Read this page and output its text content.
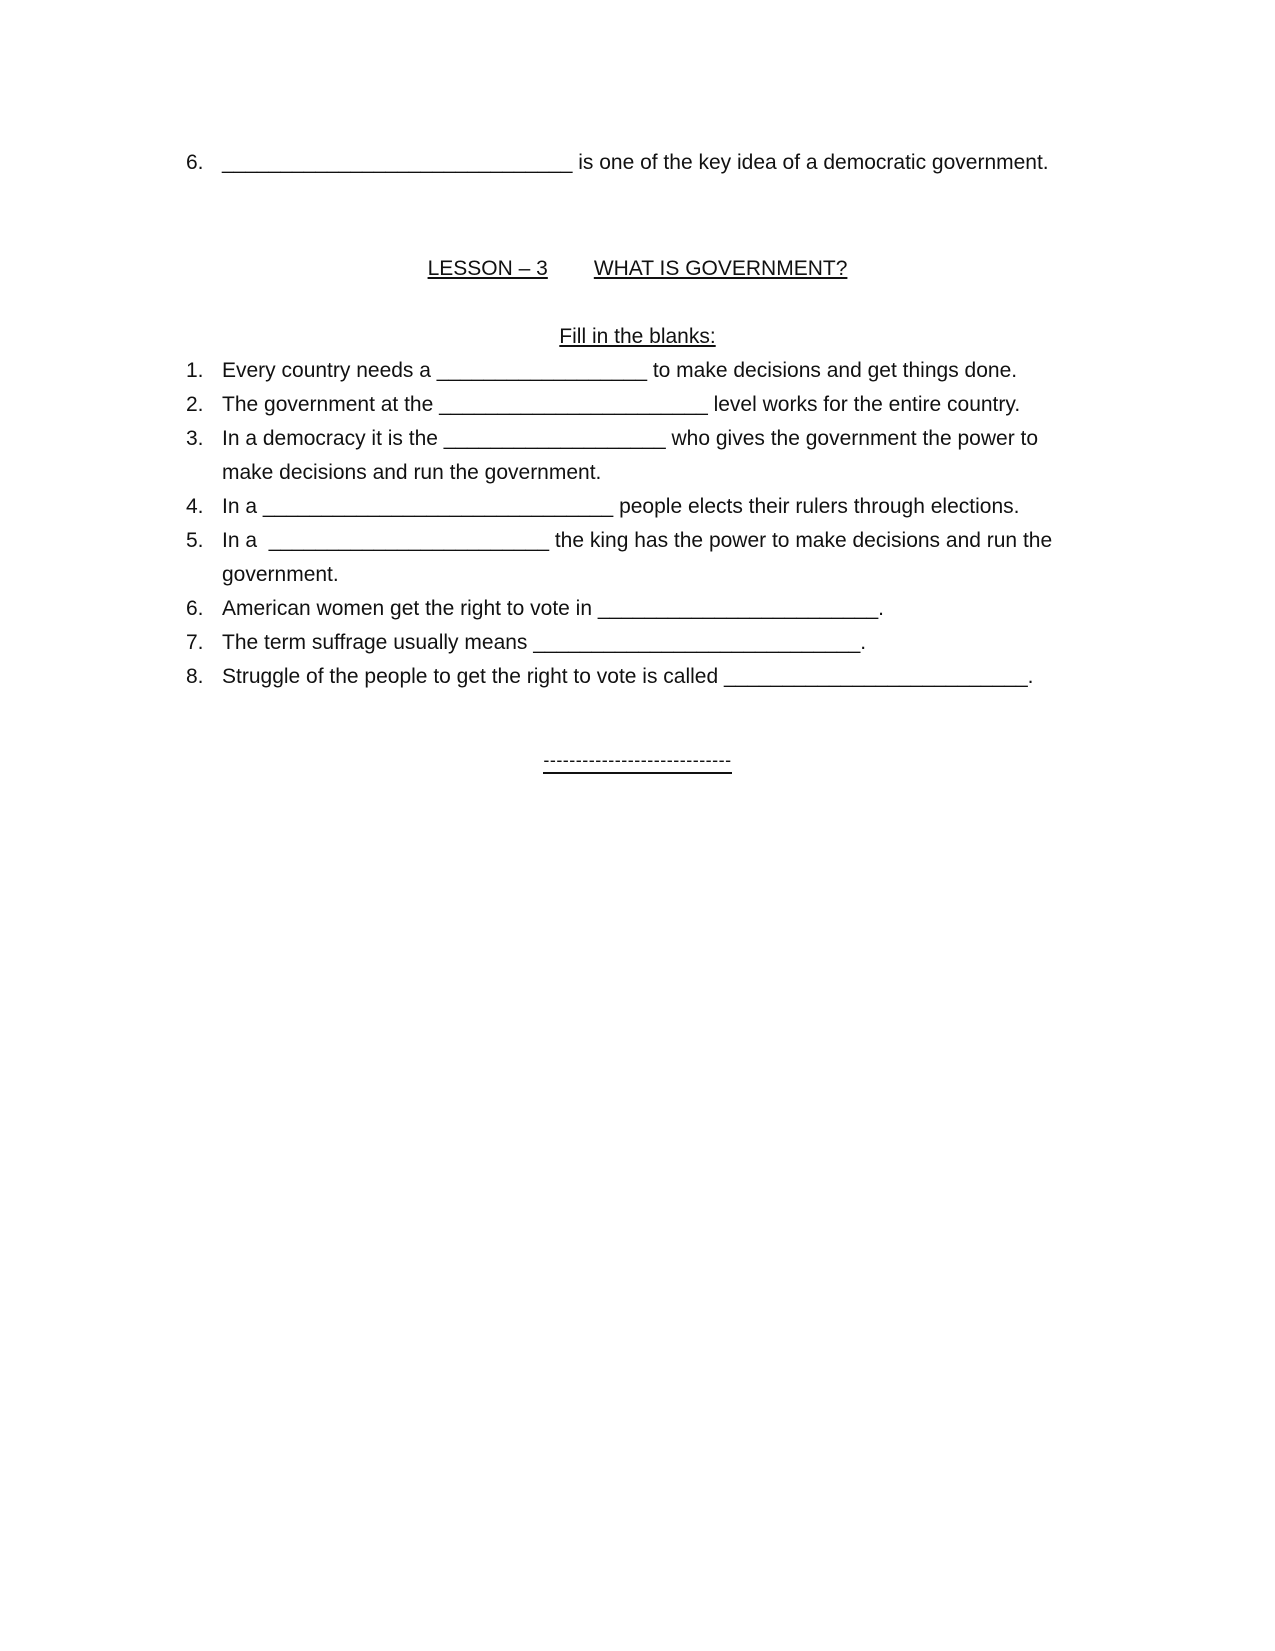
6. ______________________________ is one of the key idea of a democratic government.
LESSON – 3 WHAT IS GOVERNMENT?
Fill in the blanks:
1. Every country needs a __________________ to make decisions and get things done.
2. The government at the _______________________ level works for the entire country.
3. In a democracy it is the ___________________ who gives the government the power to
make decisions and run the government.
4. In a ______________________________ people elects their rulers through elections.
5. In a  ________________________ the king has the power to make decisions and run the
government.
6. American women get the right to vote in ________________________.
7. The term suffrage usually means ____________________________.
8. Struggle of the people to get the right to vote is called __________________________.
-----------------------------
